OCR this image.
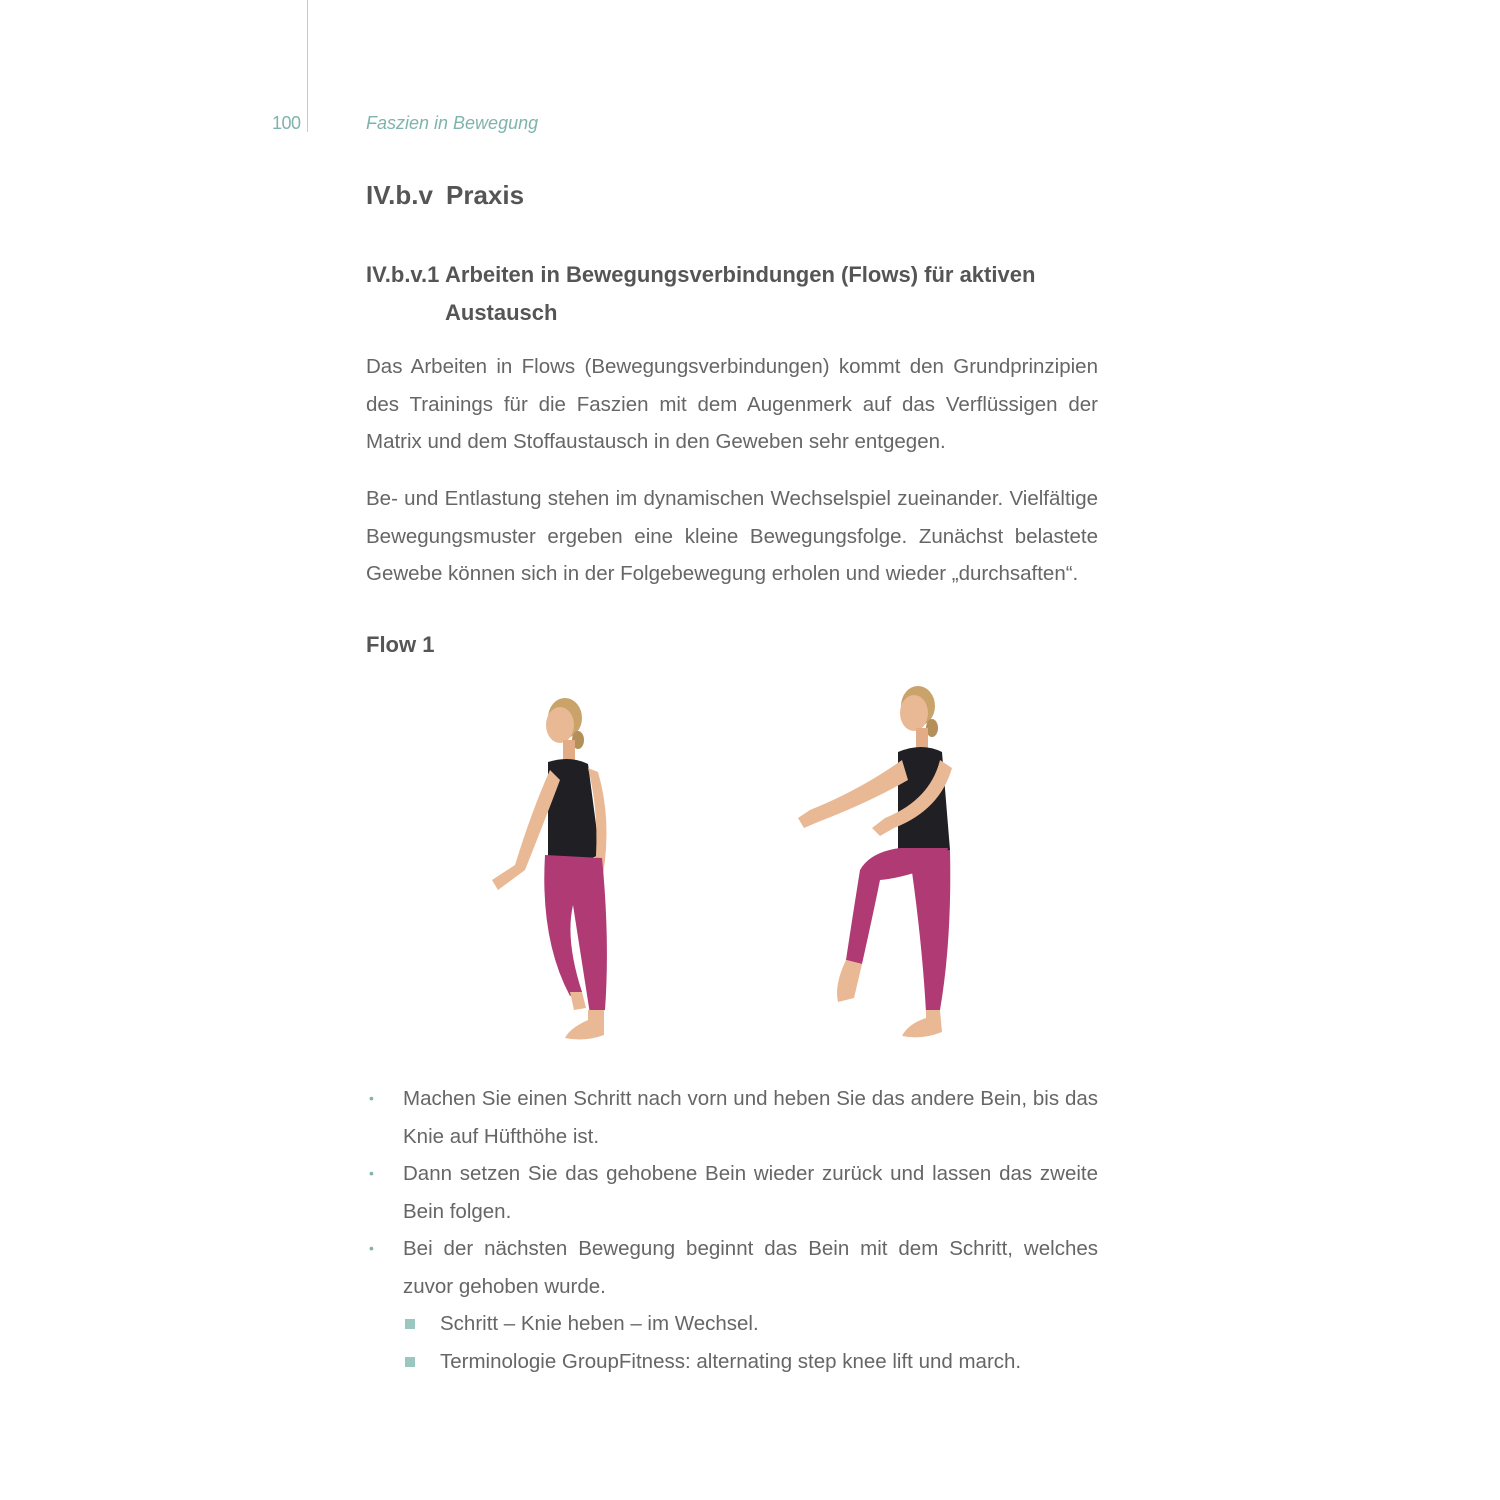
100	Faszien in Bewegung
IV.b.v Praxis
IV.b.v.1 Arbeiten in Bewegungsverbindungen (Flows) für aktiven Austausch

Das Arbeiten in Flows (Bewegungsverbindungen) kommt den Grundprinzipien des Trainings für die Faszien mit dem Augenmerk auf das Verflüssigen der Matrix und dem Stoffaustausch in den Geweben sehr entgegen.

Be- und Entlastung stehen im dynamischen Wechselspiel zueinander. Vielfältige Bewegungsmuster ergeben eine kleine Bewegungsfolge. Zunächst belastete Gewebe können sich in der Folgebewegung erholen und wieder „durchsaften“.

Flow 1
• Machen Sie einen Schritt nach vorn und heben Sie das andere Bein, bis das Knie auf Hüfthöhe ist.
• Dann setzen Sie das gehobene Bein wieder zurück und lassen das zweite Bein folgen.
• Bei der nächsten Bewegung beginnt das Bein mit dem Schritt, welches zuvor gehoben wurde.
Schritt – Knie heben – im Wechsel.
Terminologie GroupFitness: alternating step knee lift und march.
